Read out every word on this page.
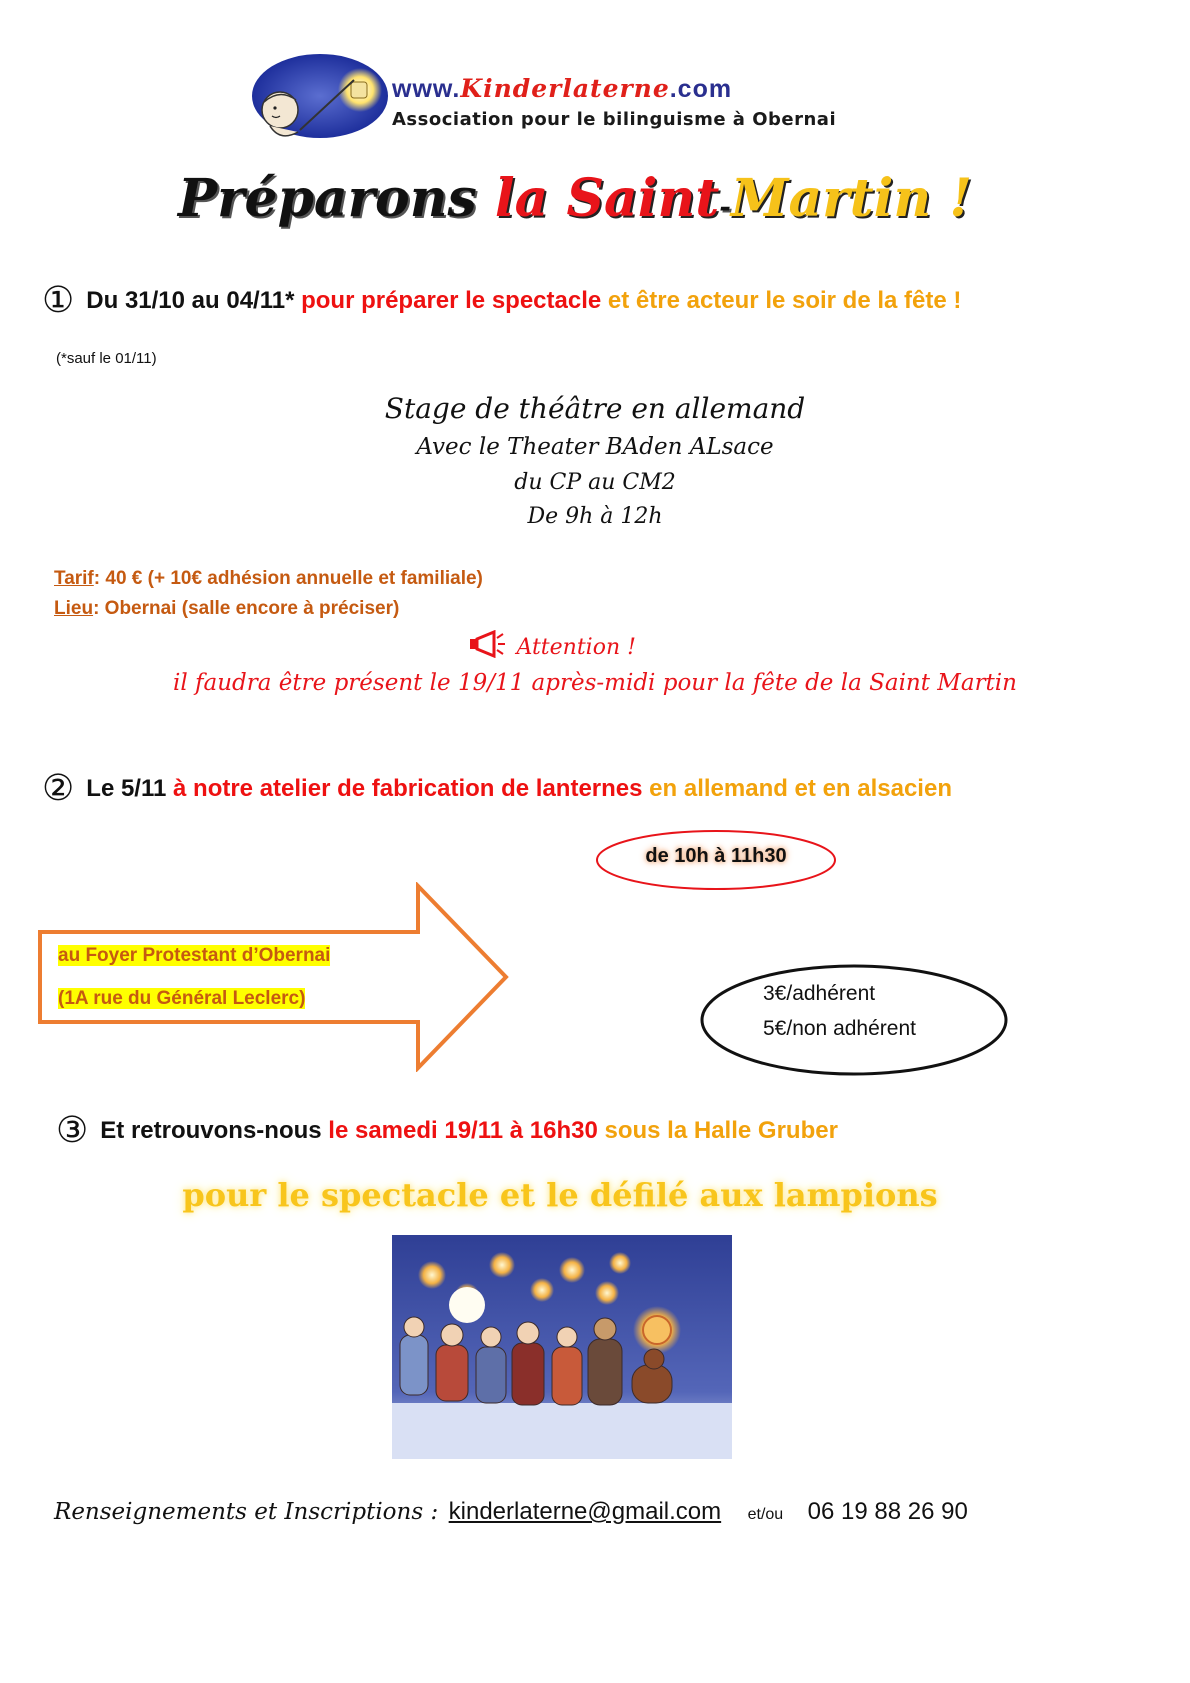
www.Kinderlaterne.com
Association pour le bilinguisme à Obernai
Préparons la Saint-Martin !
① Du 31/10 au 04/11* pour préparer le spectacle et être acteur le soir de la fête !
(*sauf le 01/11)
Stage de théâtre en allemand
Avec le Theater BAden ALsace
du CP au CM2
De 9h à 12h
Tarif: 40 € (+ 10€ adhésion annuelle et familiale)
Lieu: Obernai (salle encore à préciser)
Attention !
il faudra être présent le 19/11 après-midi pour la fête de la Saint Martin
② Le 5/11 à notre atelier de fabrication de lanternes en allemand et en alsacien
de 10h à 11h30
au Foyer Protestant d’Obernai
(1A rue du Général Leclerc)	3€/adhérent
5€/non adhérent
③ Et retrouvons-nous le samedi 19/11 à 16h30 sous la Halle Gruber
pour le spectacle et le défilé aux lampions
Renseignements et Inscriptions : kinderlaterne@gmail.com et/ou 06 19 88 26 90
